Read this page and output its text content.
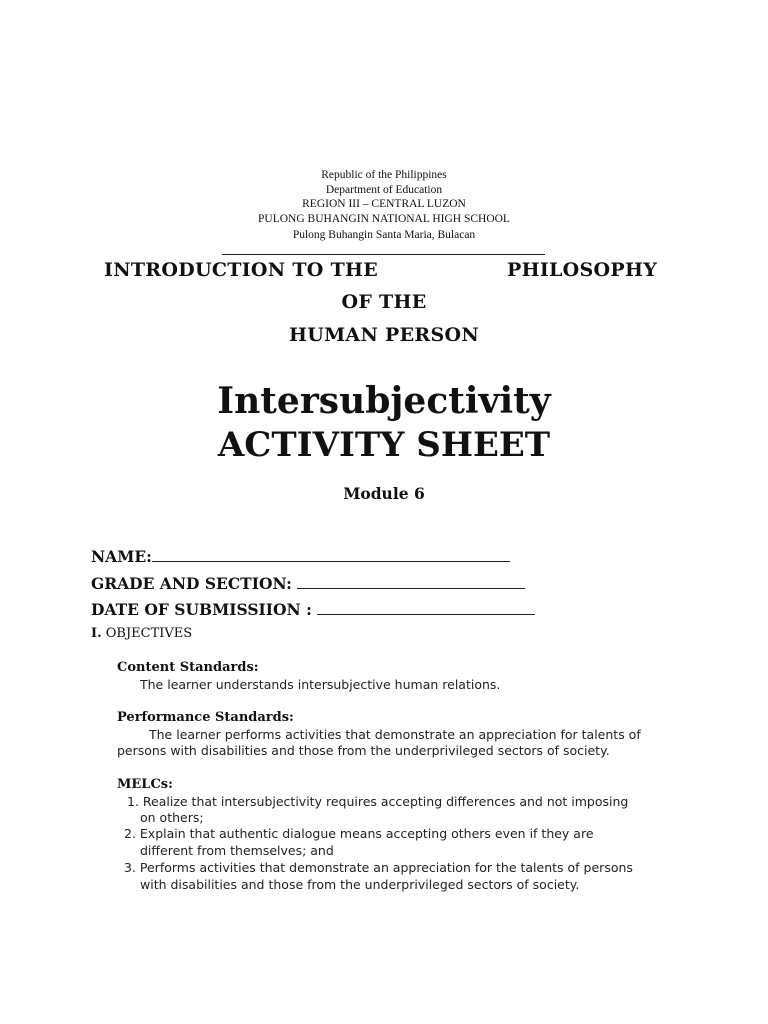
Republic of the Philippines
Department of Education
REGION III – CENTRAL LUZON
PULONG BUHANGIN NATIONAL HIGH SCHOOL
Pulong Buhangin Santa Maria, Bulacan
INTRODUCTION TO THE	PHILOSOPHY
OF THE
HUMAN PERSON
Intersubjectivity
ACTIVITY SHEET
Module 6
NAME:
GRADE AND SECTION:
DATE OF SUBMISSIION :
I. OBJECTIVES
Content Standards:
The learner understands intersubjective human relations.
Performance Standards:
The learner performs activities that demonstrate an appreciation for talents of
persons with disabilities and those from the underprivileged sectors of society.
MELCs:
1. Realize that intersubjectivity requires accepting differences and not imposing
on others;
2. Explain that authentic dialogue means accepting others even if they are
different from themselves; and
3. Performs activities that demonstrate an appreciation for the talents of persons
with disabilities and those from the underprivileged sectors of society.
